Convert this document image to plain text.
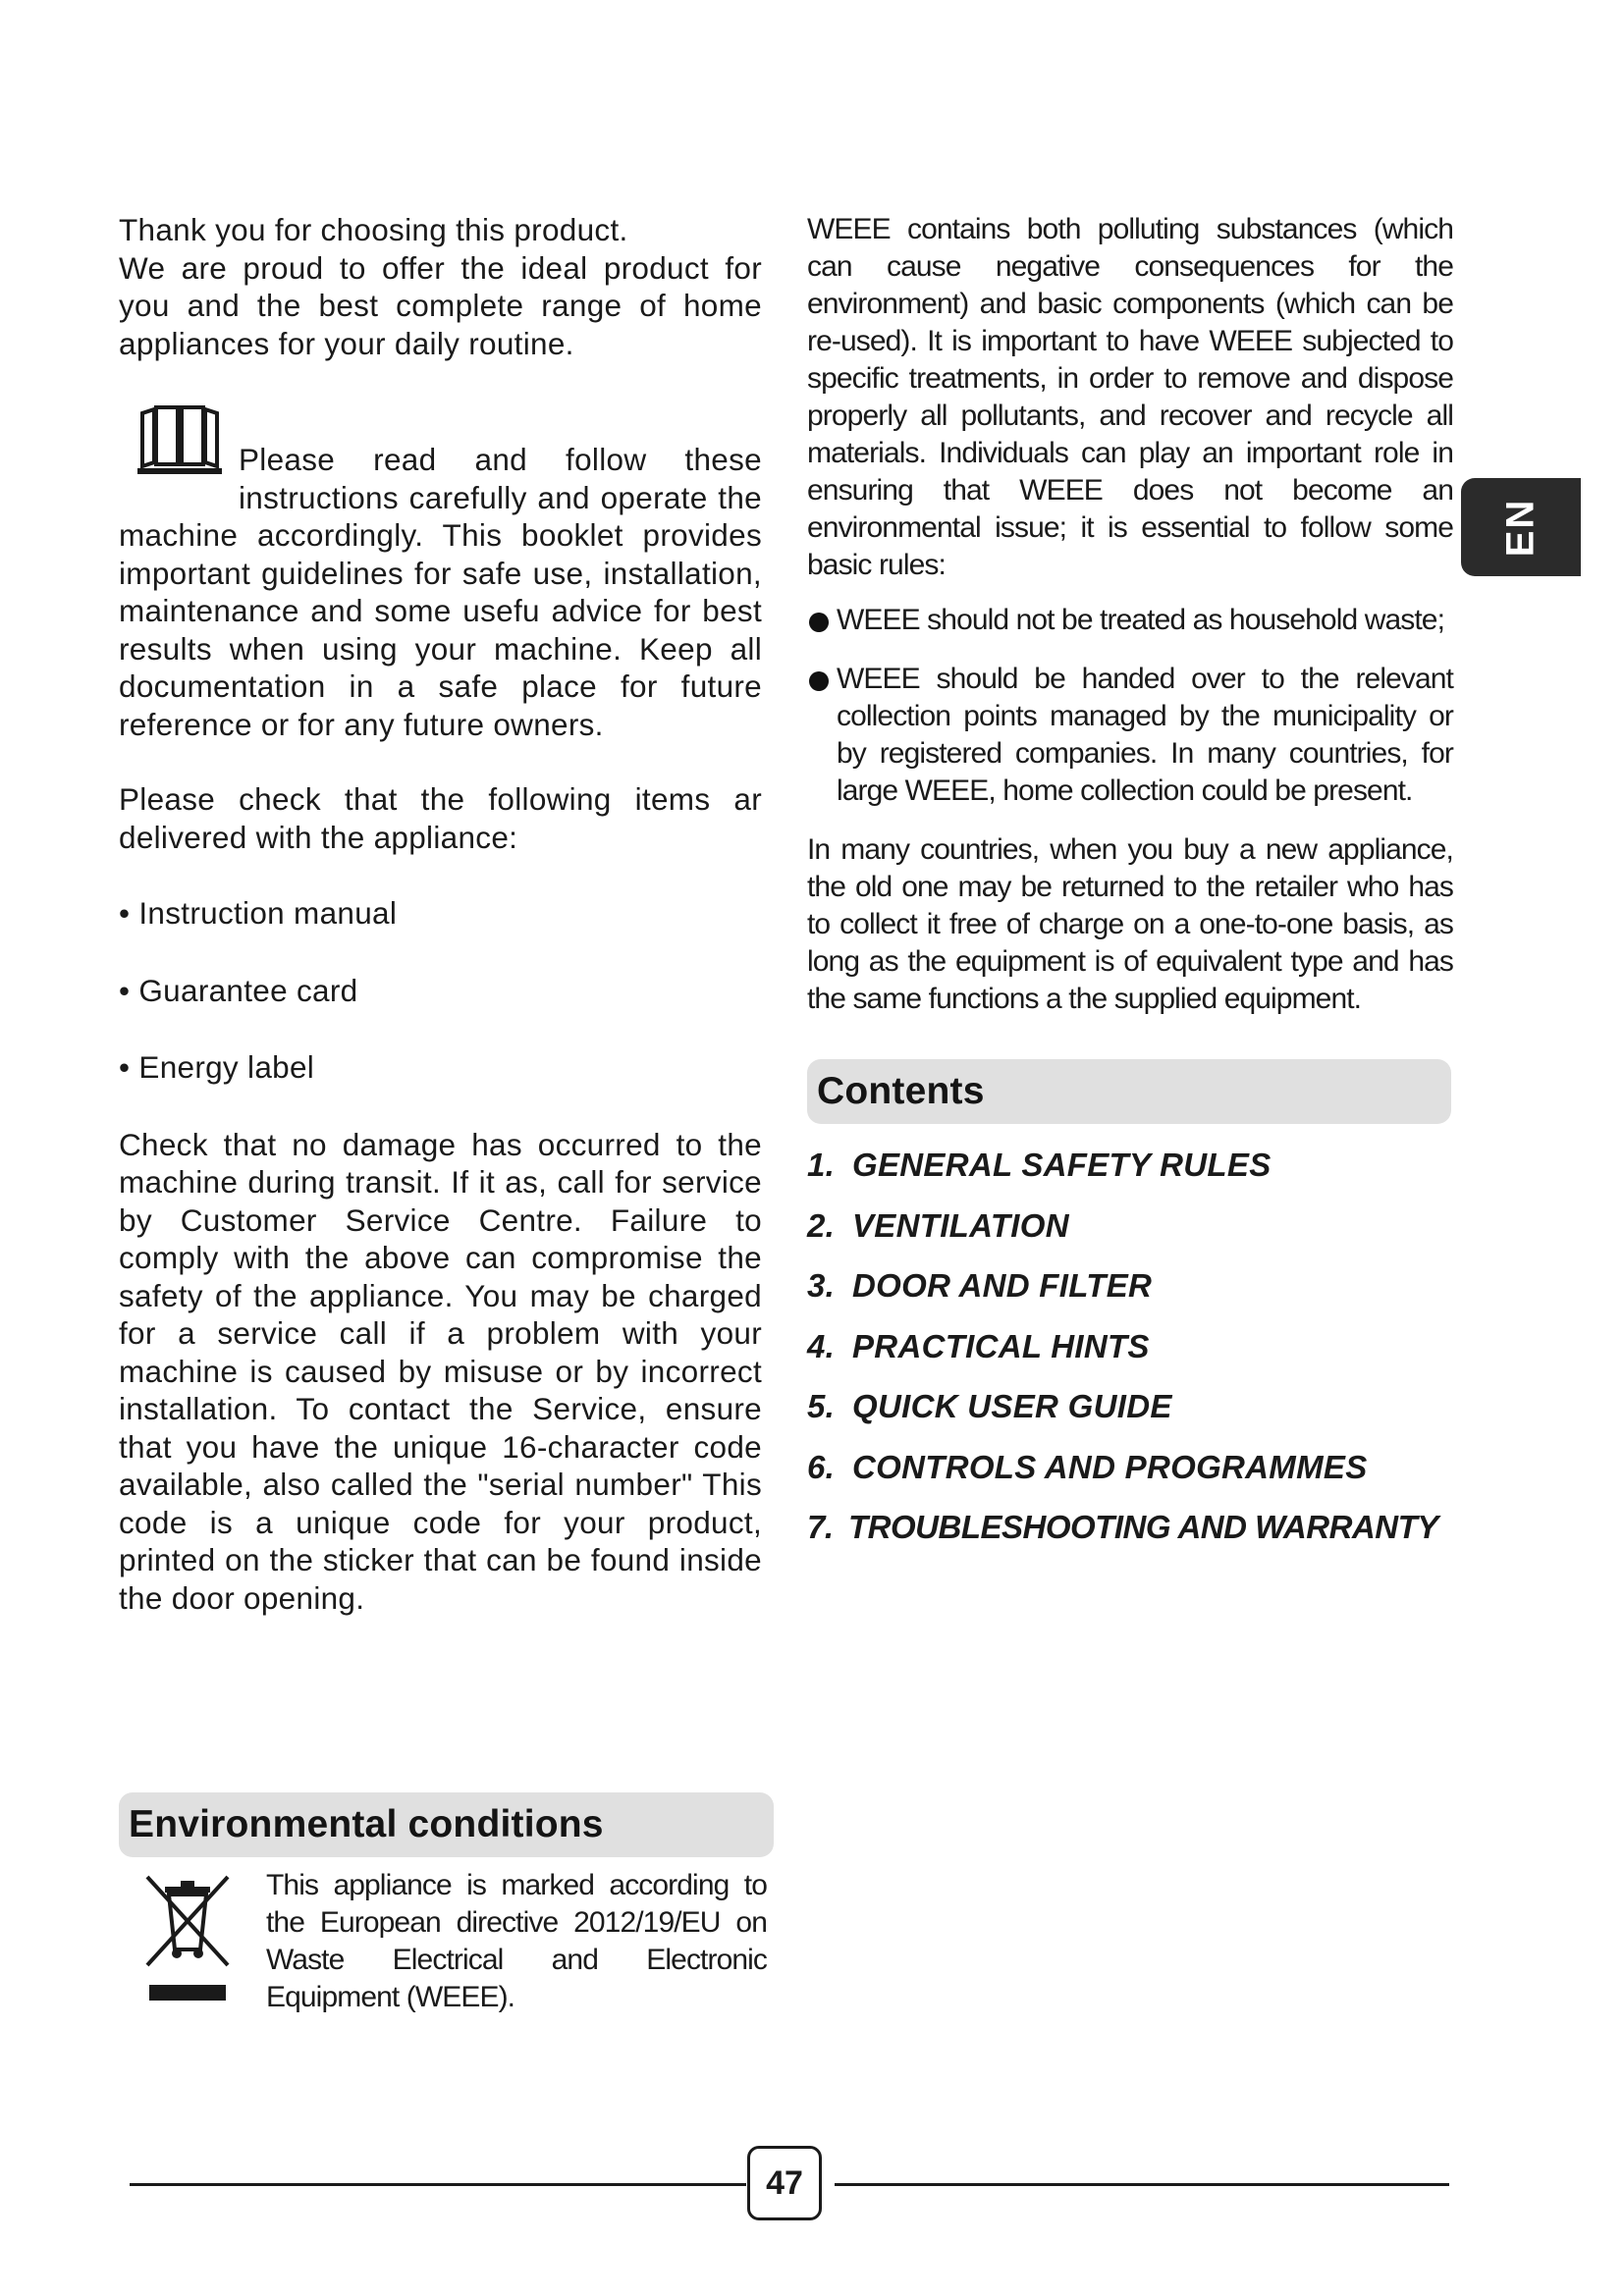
Thank you for choosing this product.

We are proud to offer the ideal product for you and the best complete range of home appliances for your daily routine.

Please read and follow these instructions carefully and operate the machine accordingly. This booklet provides important guidelines for safe use, installation, maintenance and some usefu advice for best results when using your machine. Keep all documentation in a safe place for future reference or for any future owners.

Please check that the following items ar delivered with the appliance:

• Instruction manual
• Guarantee card
• Energy label

Check that no damage has occurred to the machine during transit. If it as, call for service by Customer Service Centre. Failure to comply with the above can compromise the safety of the appliance. You may be charged for a service call if a problem with your machine is caused by misuse or by incorrect installation. To contact the Service, ensure that you have the unique 16-character code available, also called the "serial number" This code is a unique code for your product, printed on the sticker that can be found inside the door opening.

Environmental conditions

This appliance is marked according to the European directive 2012/19/EU on Waste Electrical and Electronic Equipment (WEEE).

WEEE contains both polluting substances (which can cause negative consequences for the environment) and basic components (which can be re-used). It is important to have WEEE subjected to specific treatments, in order to remove and dispose properly all pollutants, and recover and recycle all materials. Individuals can play an important role in ensuring that WEEE does not become an environmental issue; it is essential to follow some basic rules:

WEEE should not be treated as household waste;
WEEE should be handed over to the relevant collection points managed by the municipality or by registered companies. In many countries, for large WEEE, home collection could be present.

In many countries, when you buy a new appliance, the old one may be returned to the retailer who has to collect it free of charge on a one-to-one basis, as long as the equipment is of equivalent type and has the same functions a the supplied equipment.

Contents
1. GENERAL SAFETY RULES
2. VENTILATION
3. DOOR AND FILTER
4. PRACTICAL HINTS
5. QUICK USER GUIDE
6. CONTROLS AND PROGRAMMES
7. TROUBLESHOOTING AND WARRANTY
EN
47
